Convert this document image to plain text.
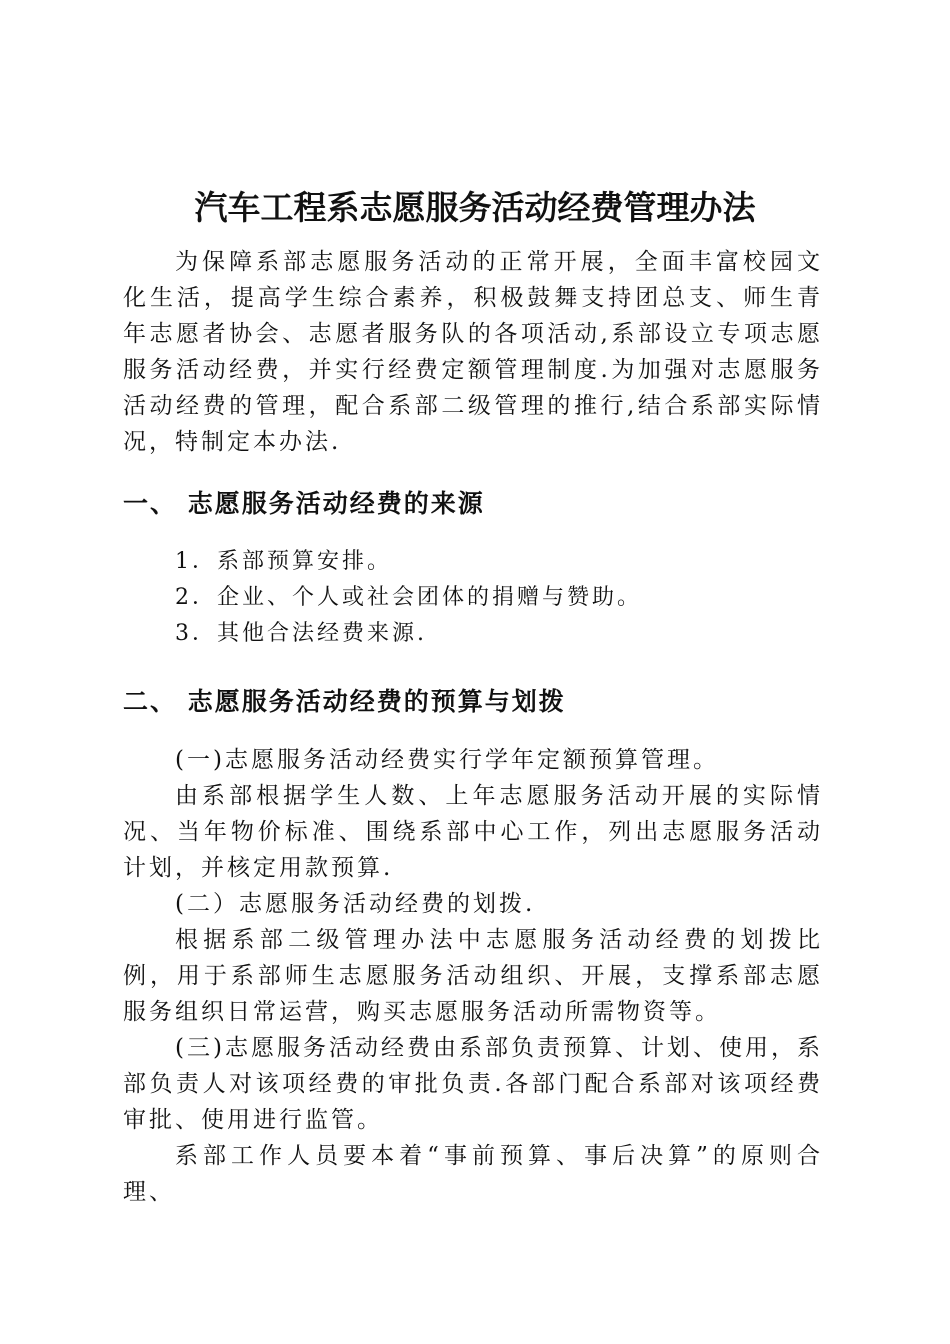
汽车工程系志愿服务活动经费管理办法
为保障系部志愿服务活动的正常开展，全面丰富校园文化生活，提高学生综合素养，积极鼓舞支持团总支、师生青年志愿者协会、志愿者服务队的各项活动,系部设立专项志愿服务活动经费，并实行经费定额管理制度.为加强对志愿服务活动经费的管理，配合系部二级管理的推行,结合系部实际情况，特制定本办法.
一、 志愿服务活动经费的来源
1．系部预算安排。
2．企业、个人或社会团体的捐赠与赞助。
3．其他合法经费来源.
二、 志愿服务活动经费的预算与划拨
(一)志愿服务活动经费实行学年定额预算管理。
由系部根据学生人数、上年志愿服务活动开展的实际情况、当年物价标准、围绕系部中心工作，列出志愿服务活动计划，并核定用款预算.
(二）志愿服务活动经费的划拨.
根据系部二级管理办法中志愿服务活动经费的划拨比例，用于系部师生志愿服务活动组织、开展，支撑系部志愿服务组织日常运营，购买志愿服务活动所需物资等。
(三)志愿服务活动经费由系部负责预算、计划、使用，系部负责人对该项经费的审批负责.各部门配合系部对该项经费审批、使用进行监管。
系部工作人员要本着“事前预算、事后决算”的原则合理、
